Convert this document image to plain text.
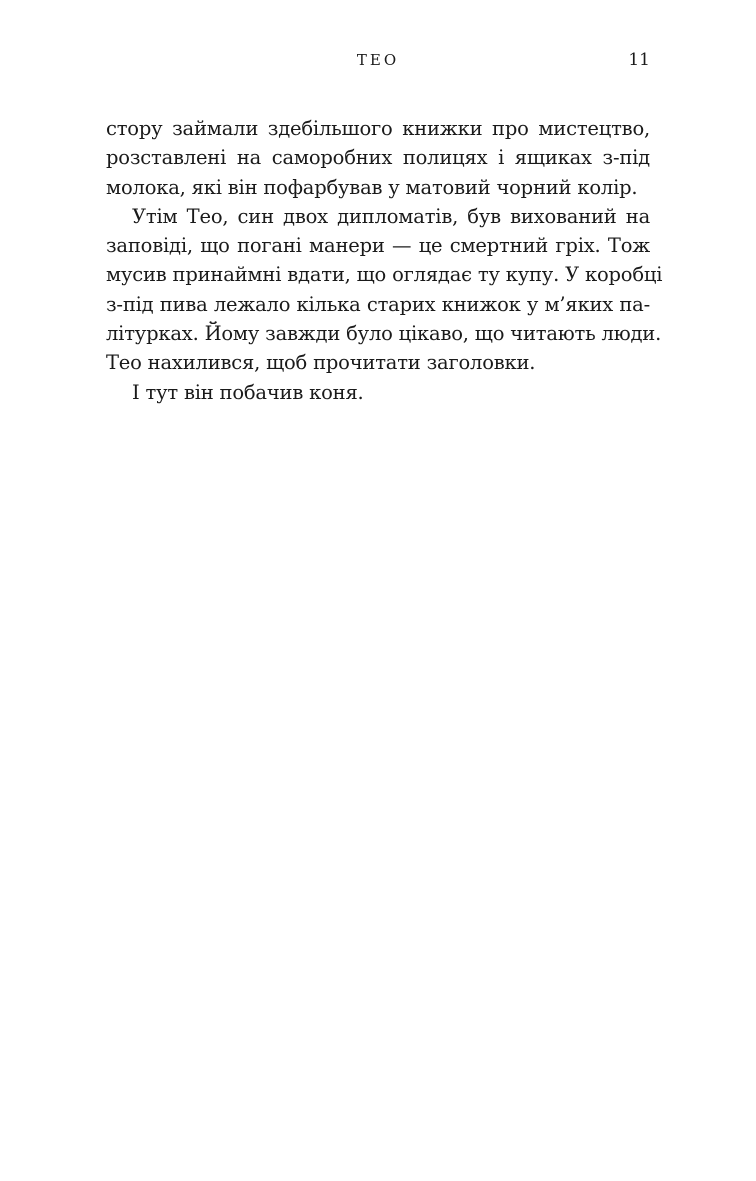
ТЕО	11

стору займали здебільшого книжки про мистецтво,
розставлені на саморобних полицях і ящиках з-під
молока, які він пофарбував у матовий чорний колір.

Утім Тео, син двох дипломатів, був вихований на
заповіді, що погані манери — це смертний гріх. Тож
мусив принаймні вдати, що оглядає ту купу. У коробці
з-під пива лежало кілька старих книжок у м’яких па-
літурках. Йому завжди було цікаво, що читають люди.
Тео нахилився, щоб прочитати заголовки.

І тут він побачив коня.
